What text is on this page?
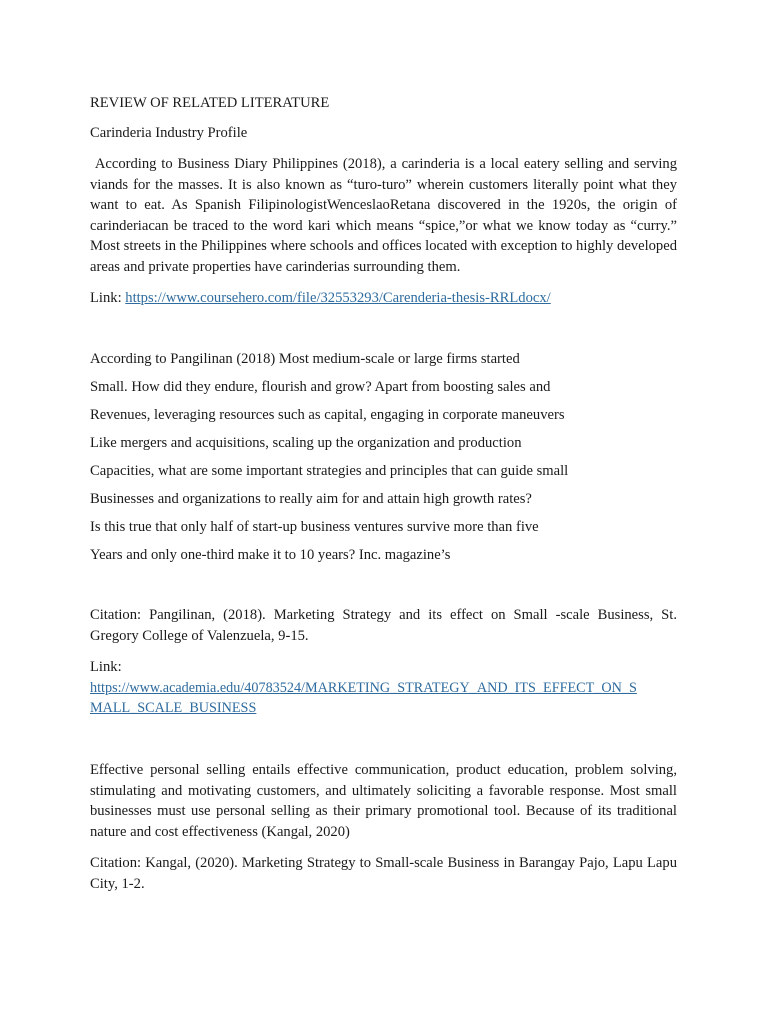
REVIEW OF RELATED LITERATURE

Carinderia Industry Profile

According to Business Diary Philippines (2018), a carinderia is a local eatery selling and serving viands for the masses. It is also known as “turo-turo” wherein customers literally point what they want to eat. As Spanish FilipinologistWenceslaoRetana discovered in the 1920s, the origin of carinderiacan be traced to the word kari which means “spice,”or what we know today as “curry.” Most streets in the Philippines where schools and offices located with exception to highly developed areas and private properties have carinderias surrounding them.

Link: https://www.coursehero.com/file/32553293/Carenderia-thesis-RRLdocx/

According to Pangilinan (2018) Most medium-scale or large firms started
Small. How did they endure, flourish and grow? Apart from boosting sales and
Revenues, leveraging resources such as capital, engaging in corporate maneuvers
Like mergers and acquisitions, scaling up the organization and production
Capacities, what are some important strategies and principles that can guide small
Businesses and organizations to really aim for and attain high growth rates?
Is this true that only half of start-up business ventures survive more than five
Years and only one-third make it to 10 years? Inc. magazine’s

Citation: Pangilinan, (2018). Marketing Strategy and its effect on Small -scale Business, St. Gregory College of Valenzuela, 9-15.

Link:

https://www.academia.edu/40783524/MARKETING_STRATEGY_AND_ITS_EFFECT_ON_S
MALL_SCALE_BUSINESS

Effective personal selling entails effective communication, product education, problem solving, stimulating and motivating customers, and ultimately soliciting a favorable response. Most small businesses must use personal selling as their primary promotional tool. Because of its traditional nature and cost effectiveness (Kangal, 2020)

Citation: Kangal, (2020). Marketing Strategy to Small-scale Business in Barangay Pajo, Lapu Lapu City, 1-2.
